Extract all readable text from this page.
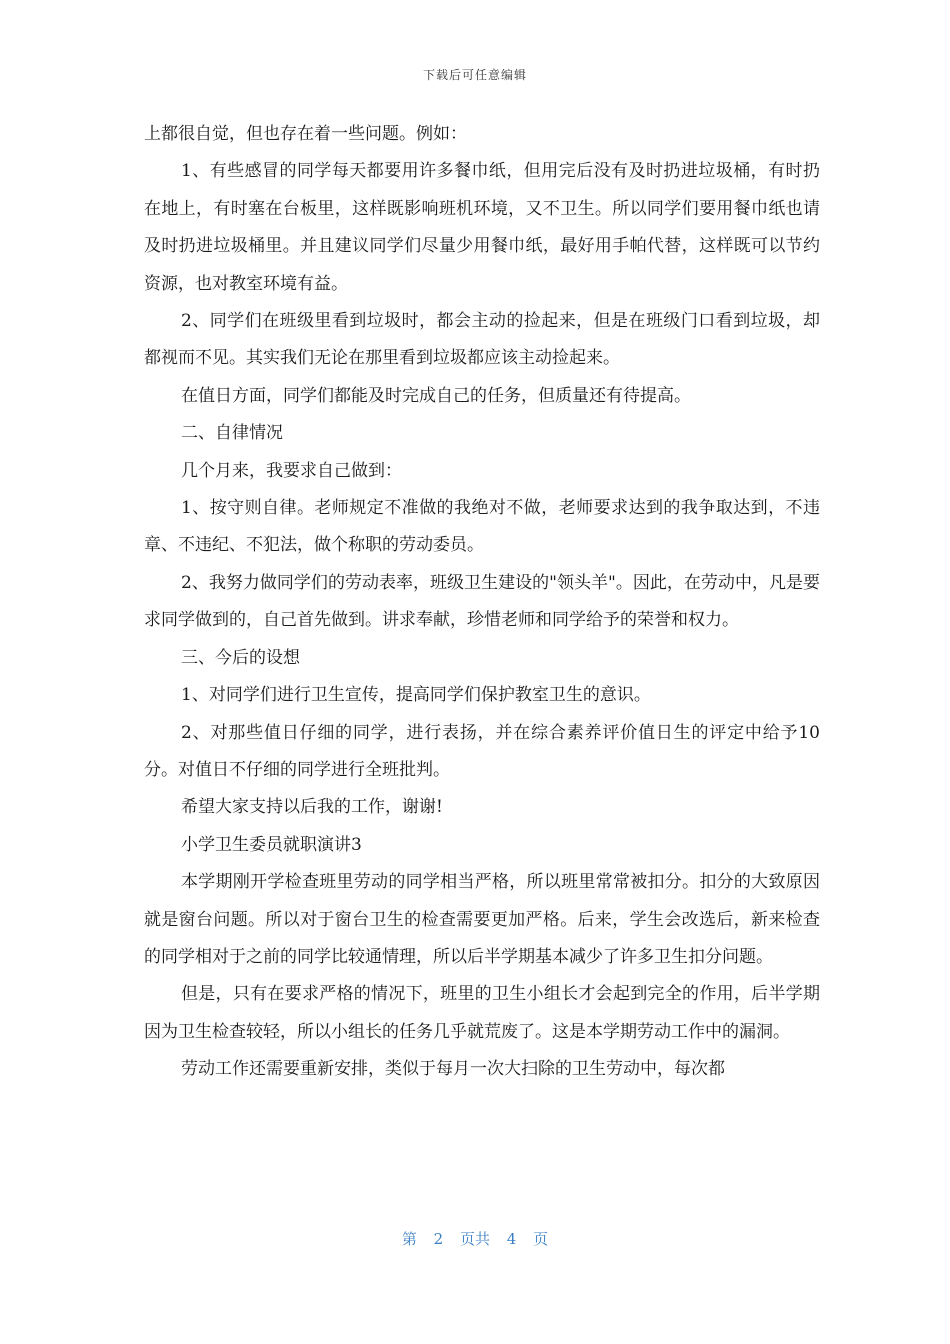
下载后可任意编辑

上都很自觉，但也存在着一些问题。例如：

1、有些感冒的同学每天都要用许多餐巾纸，但用完后没有及时扔进垃圾桶，有时扔在地上，有时塞在台板里，这样既影响班机环境，又不卫生。所以同学们要用餐巾纸也请及时扔进垃圾桶里。并且建议同学们尽量少用餐巾纸，最好用手帕代替，这样既可以节约资源，也对教室环境有益。

2、同学们在班级里看到垃圾时，都会主动的捡起来，但是在班级门口看到垃圾，却都视而不见。其实我们无论在那里看到垃圾都应该主动捡起来。

在值日方面，同学们都能及时完成自己的任务，但质量还有待提高。

二、自律情况

几个月来，我要求自己做到：

1、按守则自律。老师规定不准做的我绝对不做，老师要求达到的我争取达到，不违章、不违纪、不犯法，做个称职的劳动委员。

2、我努力做同学们的劳动表率，班级卫生建设的"领头羊"。因此，在劳动中，凡是要求同学做到的，自己首先做到。讲求奉献，珍惜老师和同学给予的荣誉和权力。

三、今后的设想

1、对同学们进行卫生宣传，提高同学们保护教室卫生的意识。

2、对那些值日仔细的同学，进行表扬，并在综合素养评价值日生的评定中给予10分。对值日不仔细的同学进行全班批判。

希望大家支持以后我的工作，谢谢!

小学卫生委员就职演讲3

本学期刚开学检查班里劳动的同学相当严格，所以班里常常被扣分。扣分的大致原因就是窗台问题。所以对于窗台卫生的检查需要更加严格。后来，学生会改选后，新来检查的同学相对于之前的同学比较通情理，所以后半学期基本减少了许多卫生扣分问题。

但是，只有在要求严格的情况下，班里的卫生小组长才会起到完全的作用，后半学期因为卫生检查较轻，所以小组长的任务几乎就荒废了。这是本学期劳动工作中的漏洞。

劳动工作还需要重新安排，类似于每月一次大扫除的卫生劳动中，每次都

第 2 页共 4 页
